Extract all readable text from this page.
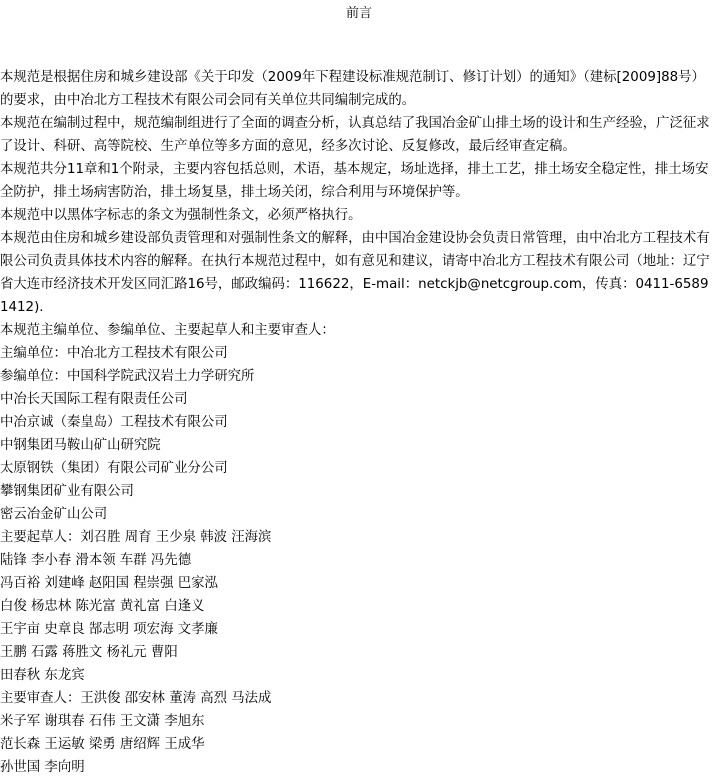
前言

本规范是根据住房和城乡建设部《关于印发（2009年下程建设标准规范制订、修订计划）的通知》（建标[2009]88号）的要求，由中冶北方工程技术有限公司会同有关单位共同编制完成的。

本规范在编制过程中，规范编制组进行了全面的调查分析，认真总结了我国冶金矿山排土场的设计和生产经验，广泛征求了设计、科研、高等院校、生产单位等多方面的意见，经多次讨论、反复修改，最后经审查定稿。

本规范共分11章和1个附录，主要内容包括总则，术语，基本规定，场址选择，排土工艺，排土场安全稳定性，排土场安全防护，排土场病害防治，排土场复垦，排土场关闭，综合利用与环境保护等。

本规范中以黑体字标志的条文为强制性条文，必须严格执行。

本规范由住房和城乡建设部负责管理和对强制性条文的解释，由中国冶金建设协会负责日常管理，由中冶北方工程技术有限公司负责具体技术内容的解释。在执行本规范过程中，如有意见和建议，请寄中冶北方工程技术有限公司（地址：辽宁省大连市经济技术开发区同汇路16号，邮政编码：116622，E-mail：netckjb@netcgroup.com，传真：0411-65891412).

本规范主编单位、参编单位、主要起草人和主要审查人：

主编单位：中冶北方工程技术有限公司

参编单位：中国科学院武汉岩土力学研究所

中冶长天国际工程有限责任公司

中冶京诚（秦皇岛）工程技术有限公司

中钢集团马鞍山矿山研究院

太原钢铁（集团）有限公司矿业分公司

攀钢集团矿业有限公司

密云冶金矿山公司

主要起草人：刘召胜 周育 王少泉 韩波 汪海滨

陆锋 李小春 滑本领 车群 冯先德

冯百裕 刘建峰 赵阳国 程崇强 巴家泓

白俊 杨忠林 陈光富 黄礼富 白逢义

王宇亩 史章良 郜志明 项宏海 文孝廉

王鹏 石露 蒋胜文 杨礼元 曹阳

田春秋 东龙宾

主要审查人：王洪俊 邵安林 董涛 高烈 马法成

米子军 谢琪春 石伟 王文潇 李旭东

范长森 王运敏 梁勇 唐绍辉 王成华

孙世国 李向明
